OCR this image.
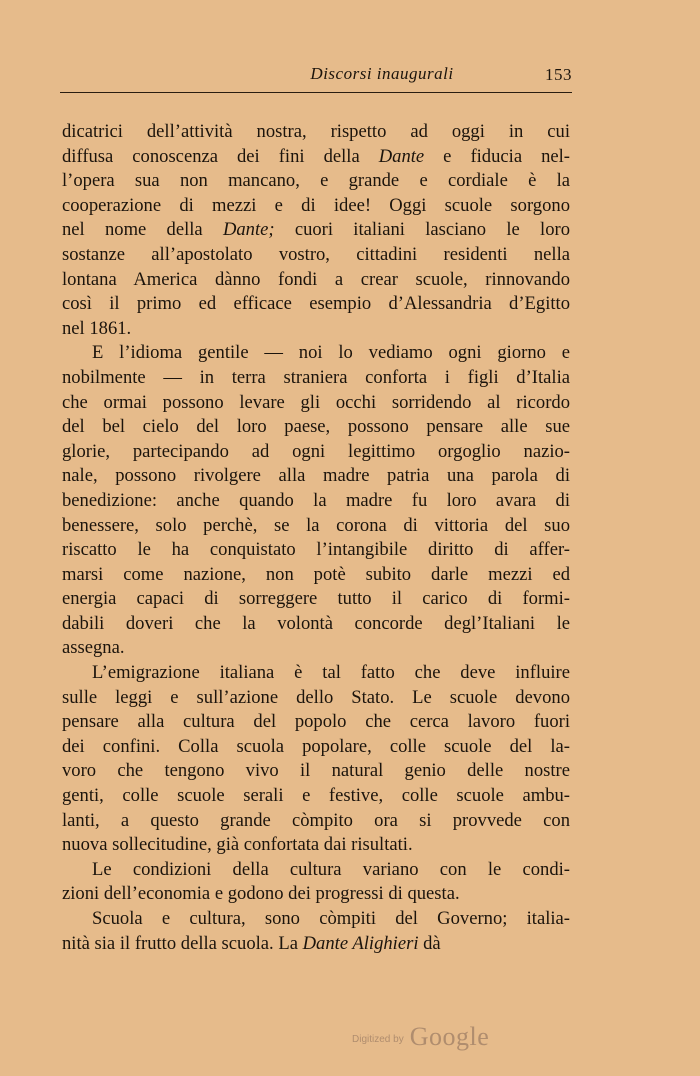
Discorsi inaugurali	153
dicatrici dell’attività nostra, rispetto ad oggi in cui
diffusa conoscenza dei fini della Dante e fiducia nel-
l’opera sua non mancano, e grande e cordiale è la
cooperazione di mezzi e di idee! Oggi scuole sorgono
nel nome della Dante; cuori italiani lasciano le loro
sostanze all’apostolato vostro, cittadini residenti nella
lontana America dànno fondi a crear scuole, rinnovando
così il primo ed efficace esempio d’Alessandria d’Egitto
nel 1861.
E l’idioma gentile — noi lo vediamo ogni giorno e
nobilmente — in terra straniera conforta i figli d’Italia
che ormai possono levare gli occhi sorridendo al ricordo
del bel cielo del loro paese, possono pensare alle sue
glorie, partecipando ad ogni legittimo orgoglio nazio-
nale, possono rivolgere alla madre patria una parola di
benedizione: anche quando la madre fu loro avara di
benessere, solo perchè, se la corona di vittoria del suo
riscatto le ha conquistato l’intangibile diritto di affer-
marsi come nazione, non potè subito darle mezzi ed
energia capaci di sorreggere tutto il carico di formi-
dabili doveri che la volontà concorde degl’Italiani le
assegna.
L’emigrazione italiana è tal fatto che deve influire
sulle leggi e sull’azione dello Stato. Le scuole devono
pensare alla cultura del popolo che cerca lavoro fuori
dei confini. Colla scuola popolare, colle scuole del la-
voro che tengono vivo il natural genio delle nostre
genti, colle scuole serali e festive, colle scuole ambu-
lanti, a questo grande còmpito ora si provvede con
nuova sollecitudine, già confortata dai risultati.
Le condizioni della cultura variano con le condi-
zioni dell’economia e godono dei progressi di questa.
Scuola e cultura, sono còmpiti del Governo; italia-
nità sia il frutto della scuola. La Dante Alighieri dà
Digitized by Google
